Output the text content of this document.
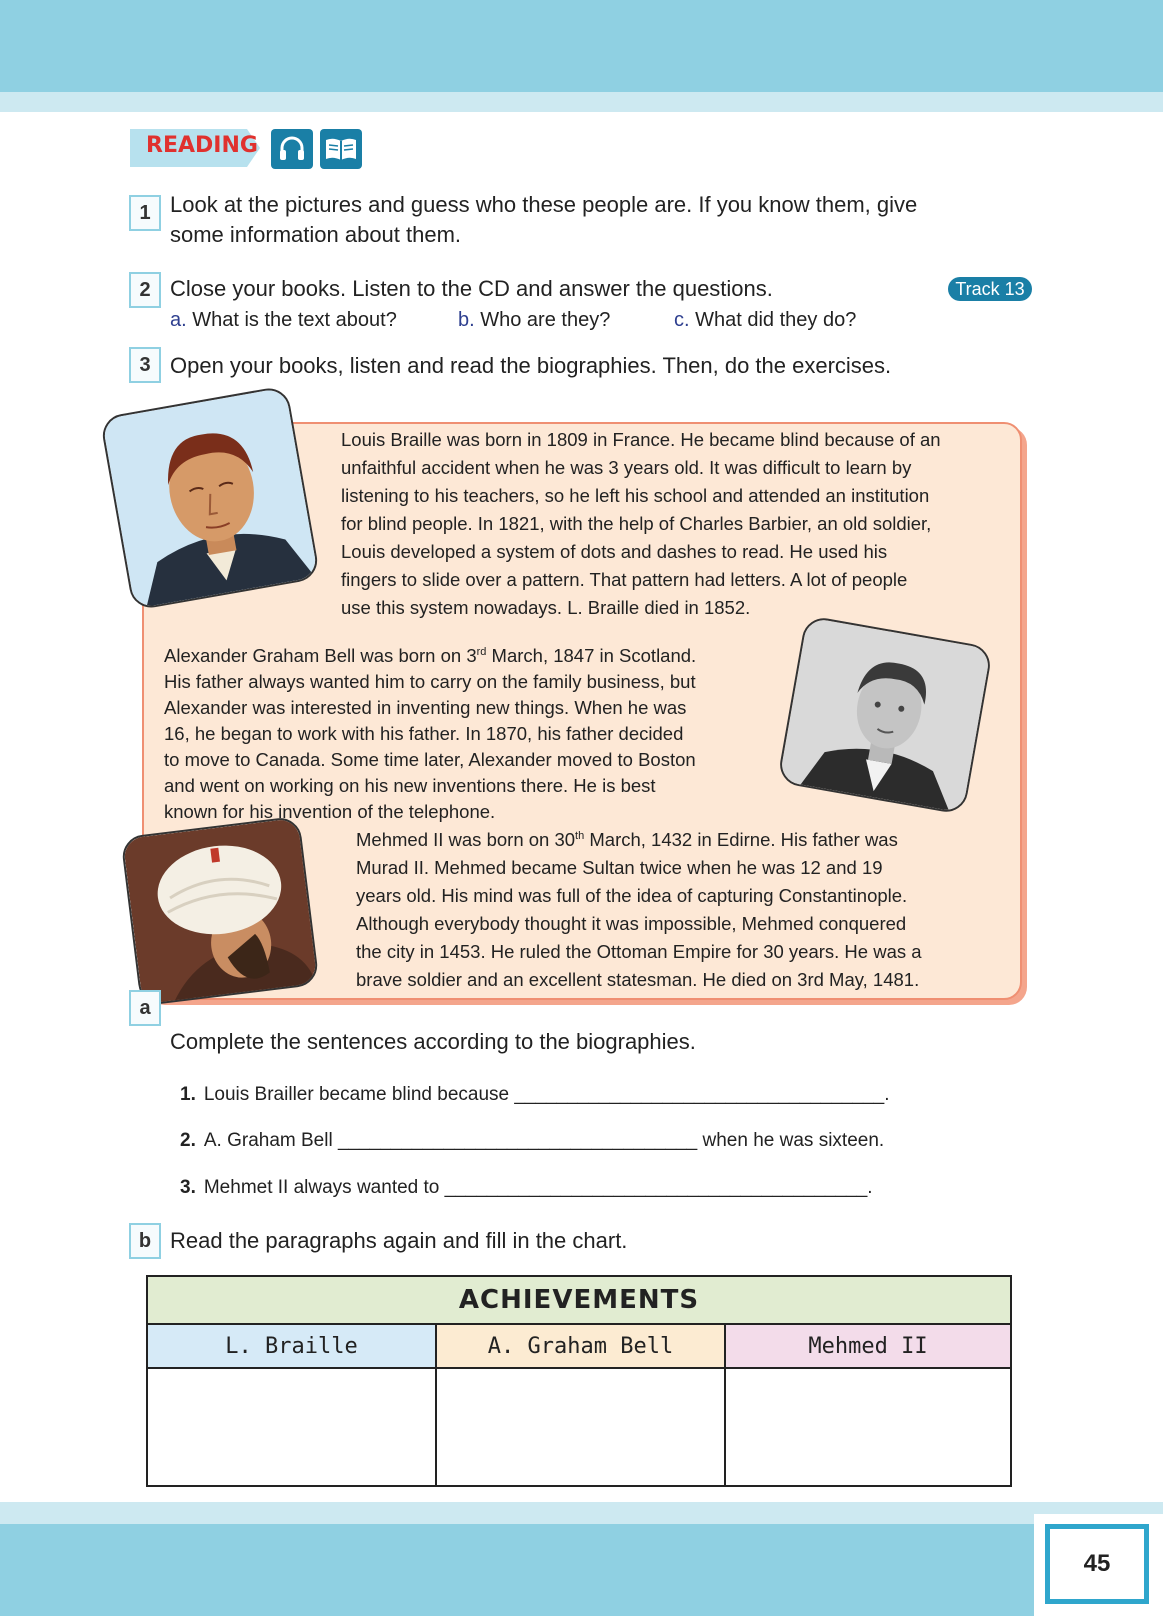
READING
1 Look at the pictures and guess who these people are. If you know them, give
some information about them.
2 Close your books. Listen to the CD and answer the questions.	Track 13
a. What is the text about?	b. Who are they?	c. What did they do?
3 Open your books, listen and read the biographies. Then, do the exercises.
Louis Braille was born in 1809 in France. He became blind because of an
unfaithful accident when he was 3 years old. It was difficult to learn by
listening to his teachers, so he left his school and attended an institution
for blind people. In 1821, with the help of Charles Barbier, an old soldier,
Louis developed a system of dots and dashes to read. He used his
fingers to slide over a pattern. That pattern had letters. A lot of people
use this system nowadays. L. Braille died in 1852.
Alexander Graham Bell was born on 3rd March, 1847 in Scotland.
His father always wanted him to carry on the family business, but
Alexander was interested in inventing new things. When he was
16, he began to work with his father. In 1870, his father decided
to move to Canada. Some time later, Alexander moved to Boston
and went on working on his new inventions there. He is best
known for his invention of the telephone.
Mehmed II was born on 30th March, 1432 in Edirne. His father was
Murad II. Mehmed became Sultan twice when he was 12 and 19
years old. His mind was full of the idea of capturing Constantinople.
Although everybody thought it was impossible, Mehmed conquered
the city in 1453. He ruled the Ottoman Empire for 30 years. He was a
brave soldier and an excellent statesman. He died on 3rd May, 1481.
a
Complete the sentences according to the biographies.
1. Louis Brailler became blind because ___________________________________.
2. A. Graham Bell __________________________________ when he was sixteen.
3. Mehmet II always wanted to ________________________________________.
b Read the paragraphs again and fill in the chart.
ACHIEVEMENTS
L. Braille	A. Graham Bell	Mehmed II
45
